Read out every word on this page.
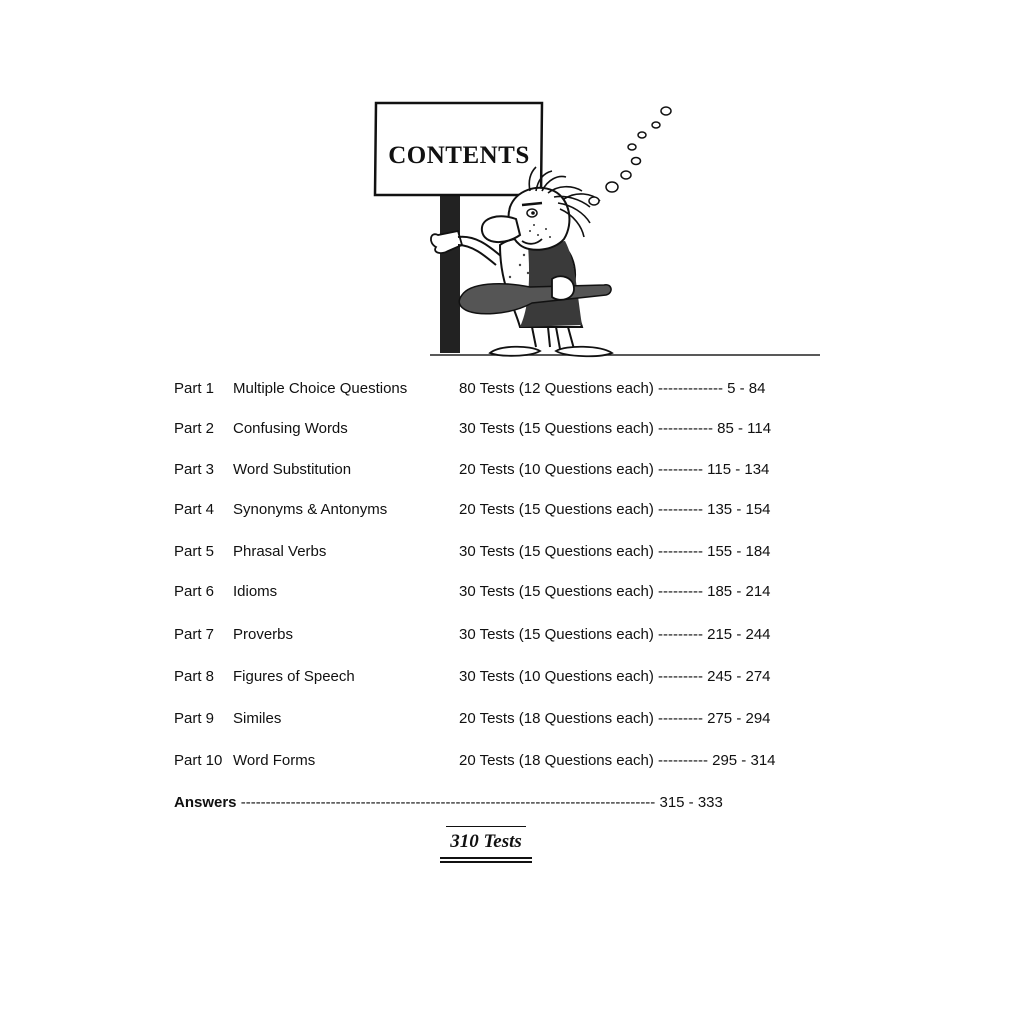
CONTENTS
Part 1 Multiple Choice Questions	80 Tests (12 Questions each) ------------- 5 - 84
Part 2 Confusing Words	30 Tests (15 Questions each) ----------- 85 - 114
Part 3 Word Substitution	20 Tests (10 Questions each) --------- 115 - 134
Part 4 Synonyms & Antonyms	20 Tests (15 Questions each) --------- 135 - 154
Part 5 Phrasal Verbs	30 Tests (15 Questions each) --------- 155 - 184
Part 6 Idioms	30 Tests (15 Questions each) --------- 185 - 214
Part 7 Proverbs	30 Tests (15 Questions each) --------- 215 - 244
Part 8 Figures of Speech	30 Tests (10 Questions each) --------- 245 - 274
Part 9 Similes	20 Tests (18 Questions each) --------- 275 - 294
Part 10 Word Forms	20 Tests (18 Questions each) ---------- 295 - 314
Answers ----------------------------------------------------------------------------------- 315 - 333
310 Tests
